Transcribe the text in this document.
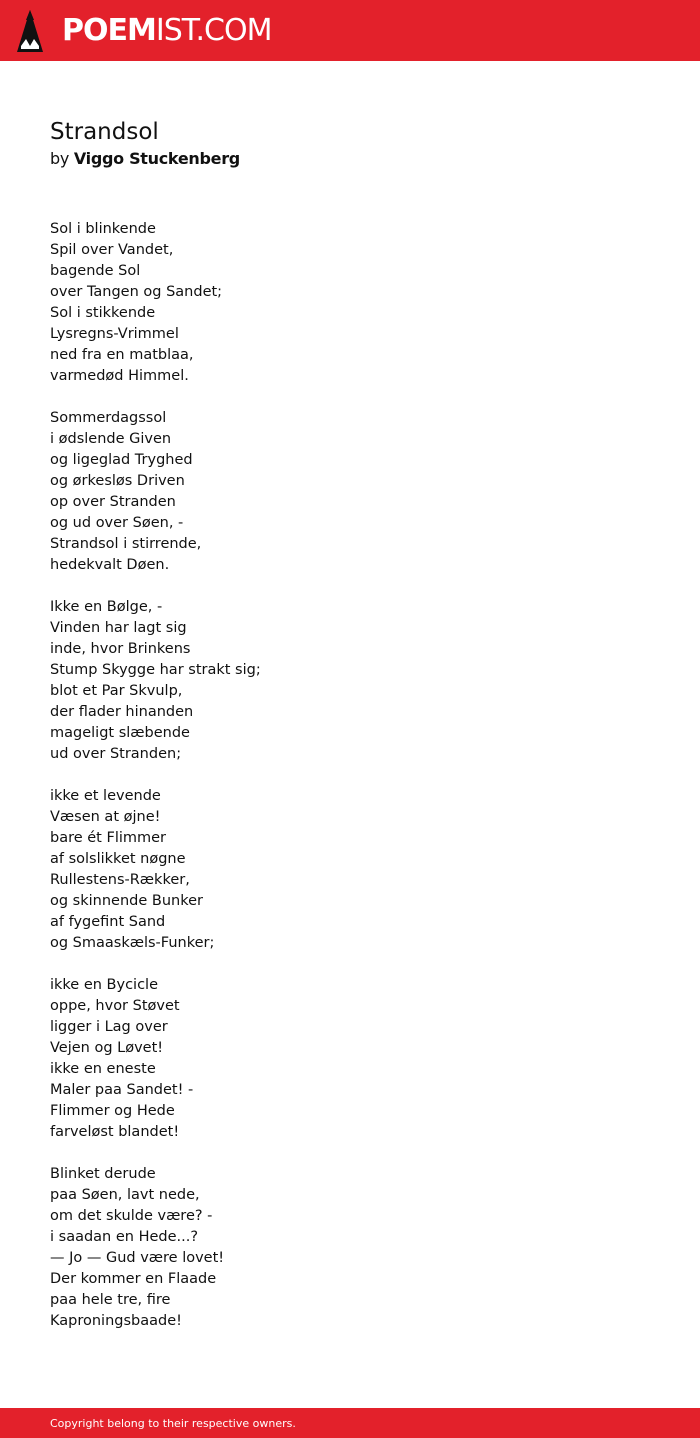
POEMIST.COM
Strandsol
by Viggo Stuckenberg
Sol i blinkende
Spil over Vandet,
bagende Sol
over Tangen og Sandet;
Sol i stikkende
Lysregns-Vrimmel
ned fra en matblaa,
varmedød Himmel.
Sommerdagssol
i ødslende Given
og ligeglad Tryghed
og ørkesløs Driven
op over Stranden
og ud over Søen, -
Strandsol i stirrende,
hedekvalt Døen.
Ikke en Bølge, -
Vinden har lagt sig
inde, hvor Brinkens
Stump Skygge har strakt sig;
blot et Par Skvulp,
der flader hinanden
mageligt slæbende
ud over Stranden;
ikke et levende
Væsen at øjne!
bare ét Flimmer
af solslikket nøgne
Rullestens-Rækker,
og skinnende Bunker
af fygefint Sand
og Smaaskæls-Funker;
ikke en Bycicle
oppe, hvor Støvet
ligger i Lag over
Vejen og Løvet!
ikke en eneste
Maler paa Sandet! -
Flimmer og Hede
farveløst blandet!
Blinket derude
paa Søen, lavt nede,
om det skulde være? -
i saadan en Hede...?
— Jo — Gud være lovet!
Der kommer en Flaade
paa hele tre, fire
Kaproningsbaade!
Copyright belong to their respective owners.
